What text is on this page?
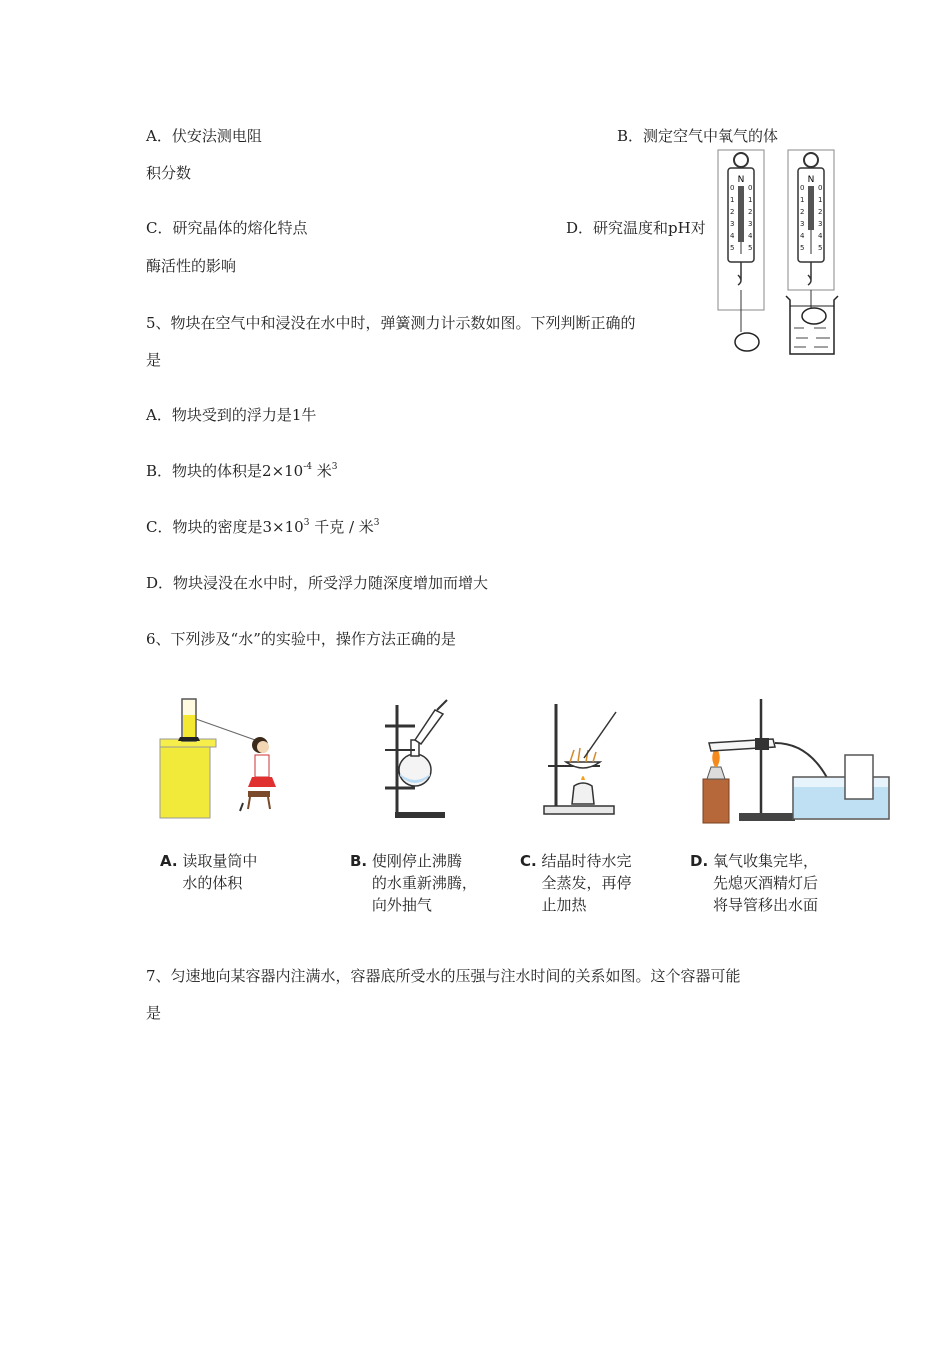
A．伏安法测电阻	B．测定空气中氧气的体
积分数
C．研究晶体的熔化特点	D．研究温度和pH对
酶活性的影响
N
0
1
2
3
4
5
0
1
2
3
4
5
N
0
1
2
3
4
5
0
1
2
3
4
5
5、物块在空气中和浸没在水中时，弹簧测力计示数如图。下列判断正确的
是
A．物块受到的浮力是1牛
B．物块的体积是$2\times 10^{-4}$ 米$^3$
C．物块的密度是$3\times 10^3$ 千克 / 米$^3$
D．物块浸没在水中时，所受浮力随深度增加而增大
6、下列涉及“水”的实验中，操作方法正确的是
A. 读取量筒中
水的体积
B. 使刚停止沸腾
的水重新沸腾，
向外抽气
C. 结晶时待水完
全蒸发，再停
止加热
D. 氧气收集完毕，
先熄灭酒精灯后
将导管移出水面
7、匀速地向某容器内注满水，容器底所受水的压强与注水时间的关系如图。这个容器可能
是
